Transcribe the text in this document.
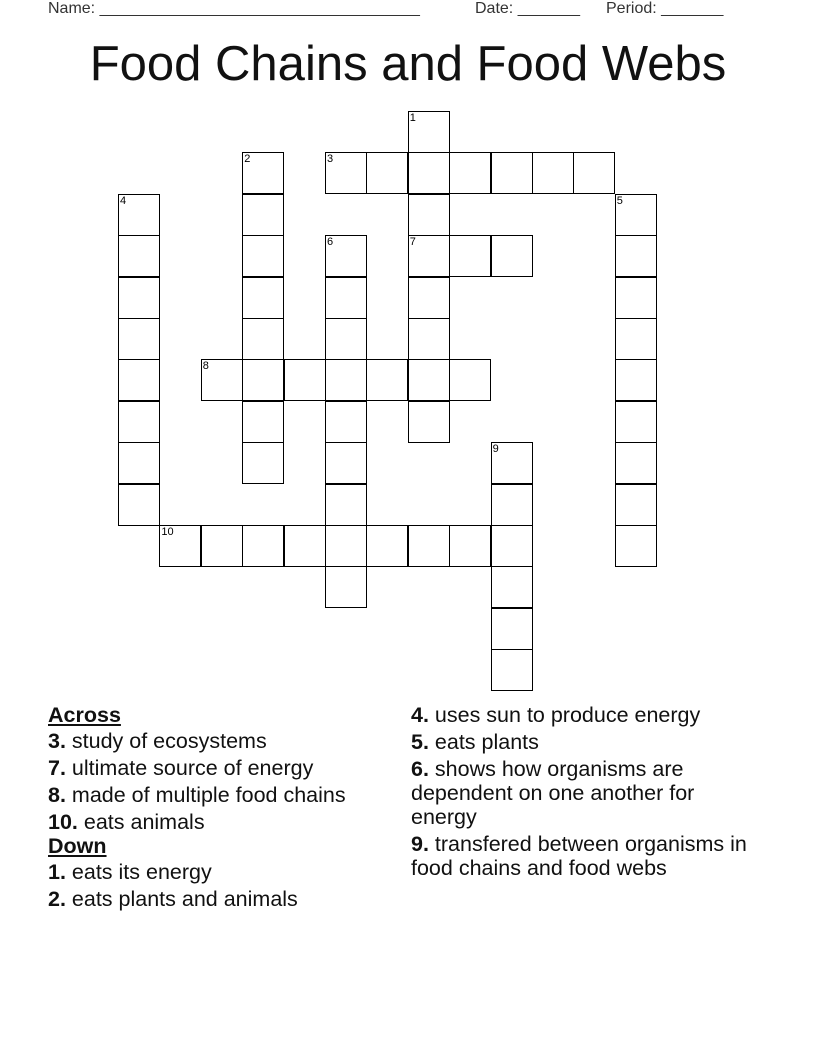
Name: ____________________________________	Date: _______ Period: _______
Food Chains and Food Webs
1
2	3
4	5
6	7
8
9
10
Across
3. study of ecosystems
7. ultimate source of energy
8. made of multiple food chains
10. eats animals
Down
1. eats its energy
2. eats plants and animals
4. uses sun to produce energy
5. eats plants
6. shows how organisms are dependent on one another for energy
9. transfered between organisms in food chains and food webs
